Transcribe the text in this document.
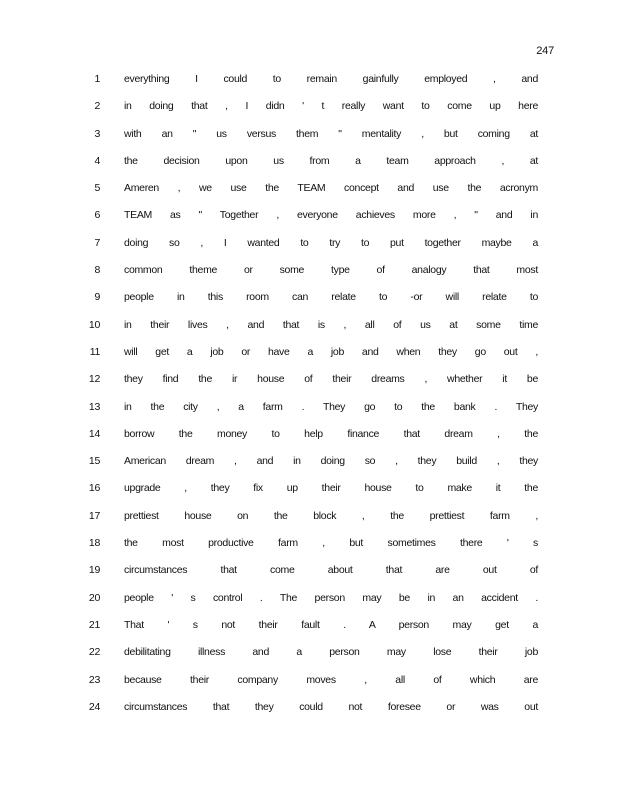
247
1 everything I could to remain gainfully employed , and
2 in doing that , I didn ' t really want to come up here
3 with an " us versus them " mentality , but coming at
4 the decision upon us from a team approach , at
5 Ameren , we use the TEAM concept and use the acronym
6 TEAM as " Together , everyone achieves more , " and in
7 doing so , I wanted to try to put together maybe a
8 common theme or some type of analogy that most
9 people in this room can relate to -or will relate to
10 in their lives , and that is , all of us at some time
11 will get a job or have a job and when they go out ,
12 they find the ir house of their dreams , whether it be
13 in the city , a farm . They go to the bank . They
14 borrow the money to help finance that dream , the
15 American dream , and in doing so , they build , they
16 upgrade , they fix up their house to make it the
17 prettiest house on the block , the prettiest farm ,
18 the most productive farm , but sometimes there ' s
19 circumstances that come about that are out of
20 people ' s control . The person may be in an accident .
21 That ' s not their fault . A person may get a
22 debilitating illness and a person may lose their job
23 because their company moves , all of which are
24 circumstances that they could not foresee or was out
